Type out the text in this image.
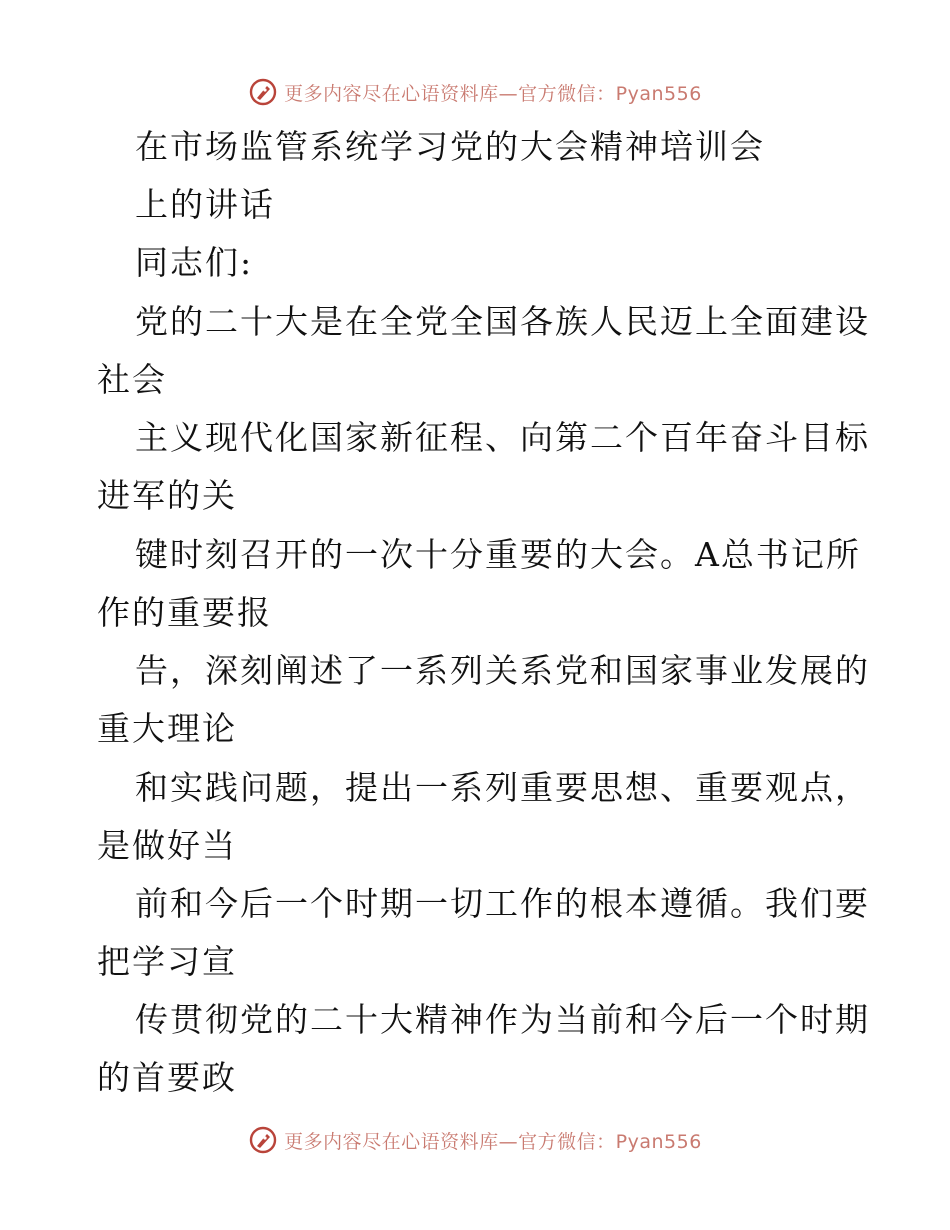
更多内容尽在心语资料库—官方微信：Pyan556
在市场监管系统学习党的大会精神培训会
上的讲话
同志们:
党的二十大是在全党全国各族人民迈上全面建设
社会
主义现代化国家新征程、向第二个百年奋斗目标
进军的关
键时刻召开的一次十分重要的大会。A总书记所
作的重要报
告，深刻阐述了一系列关系党和国家事业发展的
重大理论
和实践问题，提出一系列重要思想、重要观点，
是做好当
前和今后一个时期一切工作的根本遵循。我们要
把学习宣
传贯彻党的二十大精神作为当前和今后一个时期
的首要政
更多内容尽在心语资料库—官方微信：Pyan556
